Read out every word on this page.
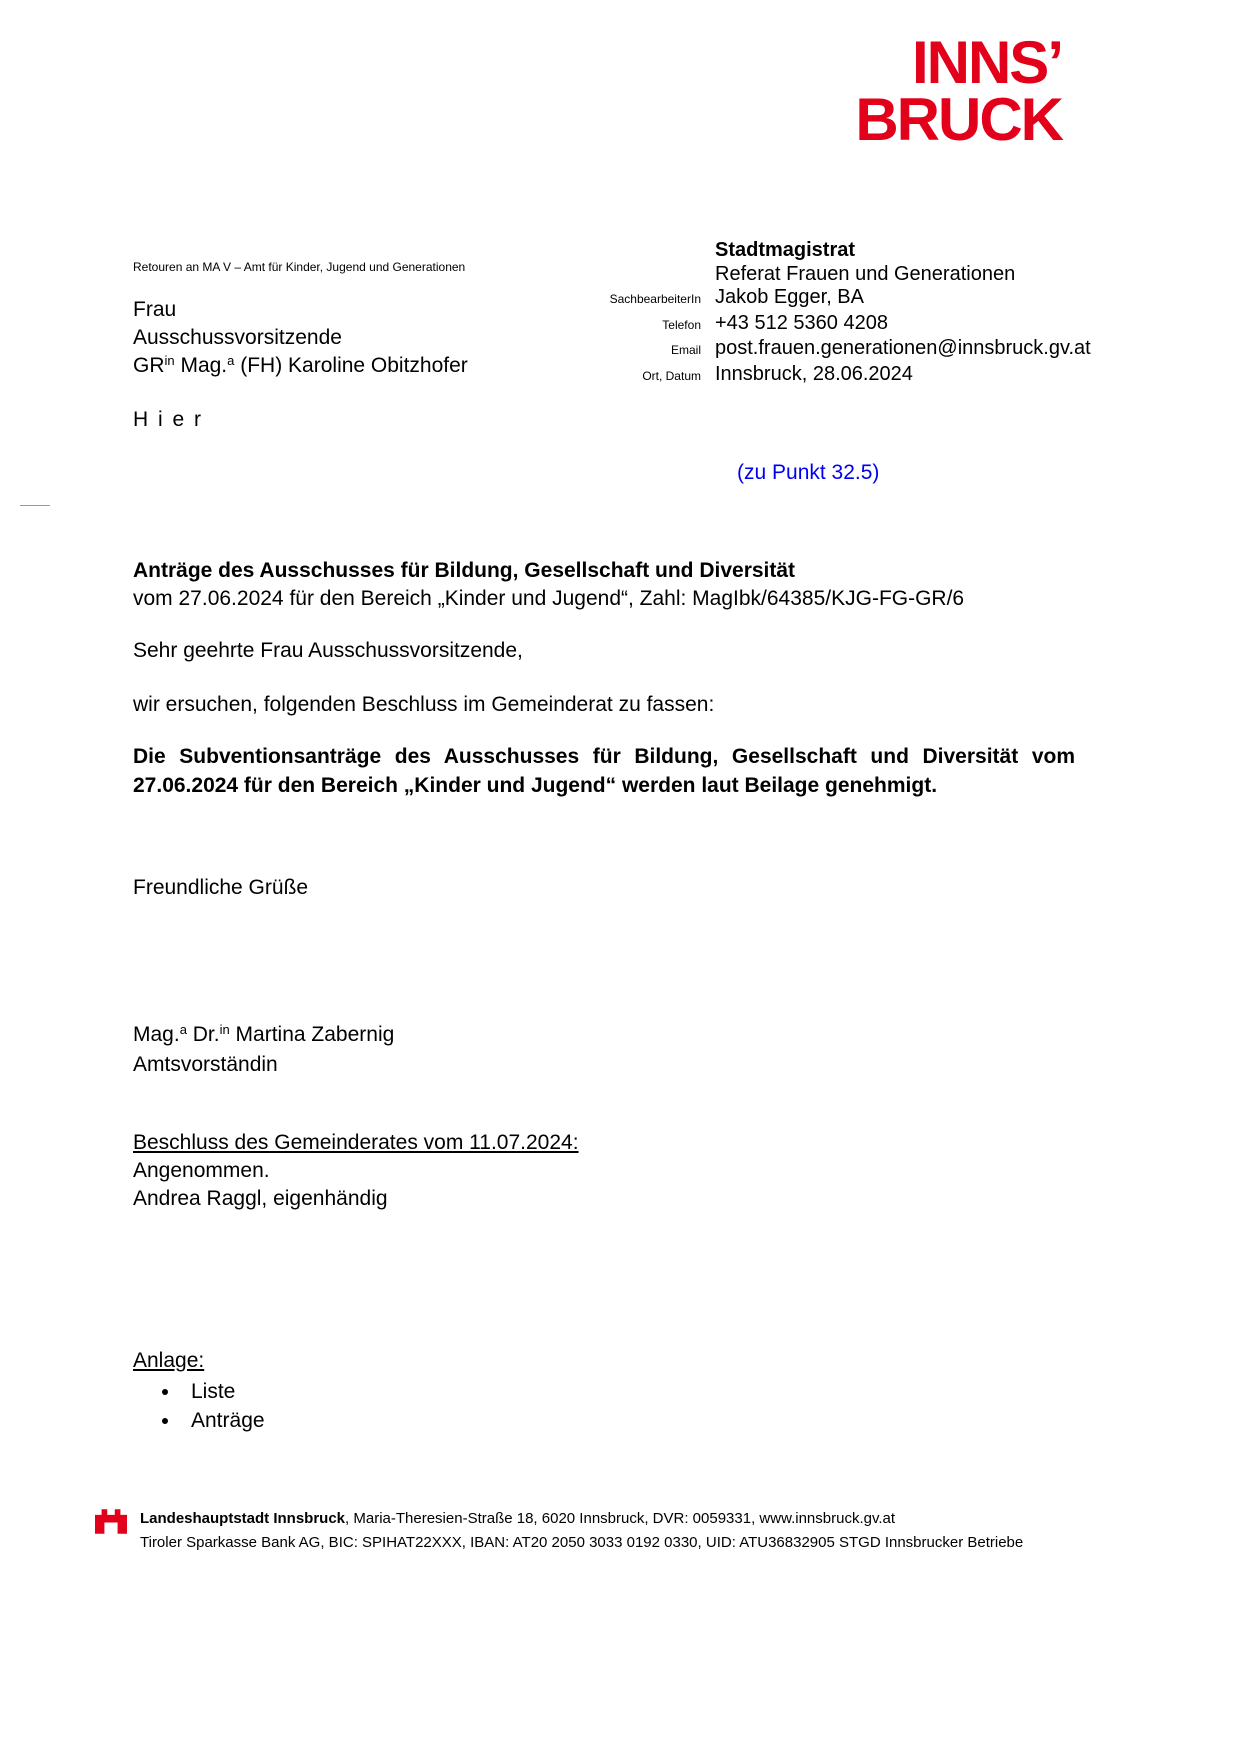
INNS’
BRUCK
Retouren an MA V – Amt für Kinder, Jugend und Generationen
Frau
Ausschussvorsitzende
$GR^{in}$ Mag.$^a$ (FH) Karoline Obitzhofer
H i e r
Stadtmagistrat
Referat Frauen und Generationen
SachbearbeiterIn Jakob Egger, BA
Telefon +43 512 5360 4208
Email post.frauen.generationen@innsbruck.gv.at
Ort, Datum Innsbruck, 28.06.2024
(zu Punkt 32.5)
Anträge des Ausschusses für Bildung, Gesellschaft und Diversität
vom 27.06.2024 für den Bereich „Kinder und Jugend“, Zahl: MagIbk/64385/KJG-FG-GR/6
Sehr geehrte Frau Ausschussvorsitzende,
wir ersuchen, folgenden Beschluss im Gemeinderat zu fassen:
Die Subventionsanträge des Ausschusses für Bildung, Gesellschaft und Diversität vom 27.06.2024 für den Bereich „Kinder und Jugend“ werden laut Beilage genehmigt.
Freundliche Grüße
Mag.$^a$ Dr.$^{in}$ Martina Zabernig
Amtsvorständin
Beschluss des Gemeinderates vom 11.07.2024:
Angenommen.
Andrea Raggl, eigenhändig
Anlage:
• Liste
• Anträge
Landeshauptstadt Innsbruck, Maria-Theresien-Straße 18, 6020 Innsbruck, DVR: 0059331, www.innsbruck.gv.at
Tiroler Sparkasse Bank AG, BIC: SPIHAT22XXX, IBAN: AT20 2050 3033 0192 0330, UID: ATU36832905 STGD Innsbrucker Betriebe
